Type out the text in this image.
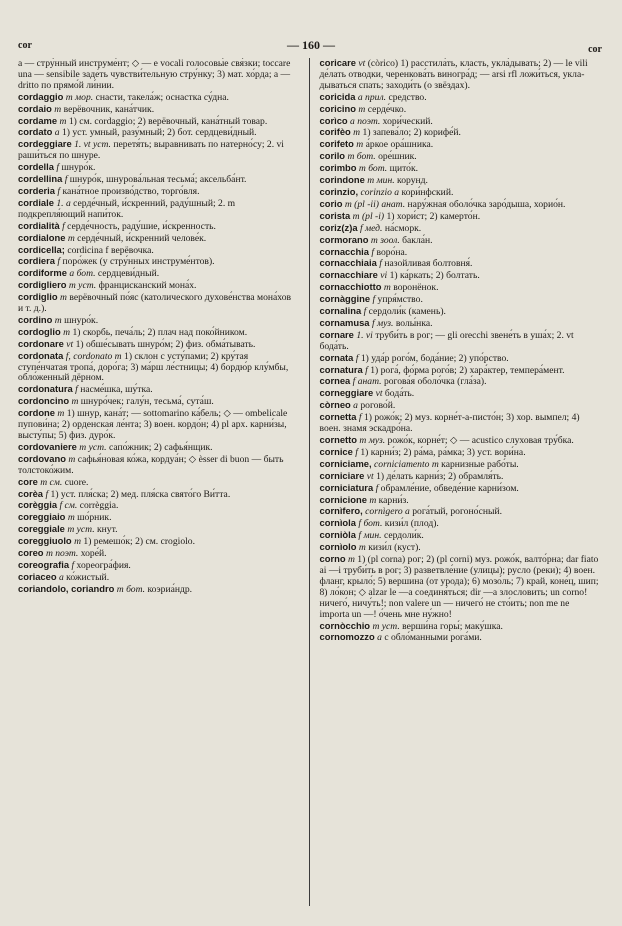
cor	— 160 —	cor

а — стру́нный инструме́нт; ◇ — e vocali голосовы́е свя́зки; toccare una — sensibile заде́ть чувстви́тельную стру́нку; 3) мат. хо́рда; a — dritto по прямо́й ли́нии.

cordaggio m мор. снасти, такела́ж; оснастка су́дна.

cordaio m верёвочник, кана́тчик.

cordame m 1) см. cordaggio; 2) верёвочный, кана́тный товар.

cordato a 1) уст. умный, разу́мный; 2) бот. сердцеви́дный.

cordeggiare 1. vt уст. перетя́ть; выравнивать по натерно́су; 2. vi раши́ться по шнуре.

cordella f шнуро́к.

cordellina f шнуро́к, шнурова́льная тесьма́; аксельба́нт.

corderia f кана́тное произво́дство, торго́вля.

cordiale 1. a серде́чный, и́скренний, раду́шный; 2. m подкрепля́ющий напи́ток.

cordialità f серде́чность, раду́шие, и́скренность.

cordialone m серде́чный, и́скренний челове́к.

cordicella; cordicina f верёвочка.

cordiera f поро́жек (у стру́нных инструме́нтов).

cordiforme a бот. сердцеви́дный.

cordigliero m уст. францисканский мона́х.

cordiglio m верёвочный по́яс (католического духове́нства мона́хов и т. д.).

cordino m шнуро́к.

cordoglio m 1) скорбь, печа́ль; 2) плач над поко́йником.

cordonare vt 1) обше́сывать шнуро́м; 2) физ. обма́тывать.

cordonata f, cordonato m 1) склон с усту́пами; 2) кру́тая ступе́нчатая тропа́, доро́га; 3) ма́рш ле́стницы; 4) бордю́р клу́мбы, обло́женный дёрном.

cordonatura f насме́шка, шу́тка.

cordoncino m шнуро́чек; галу́н, тесьма́, сута́ш.

cordone m 1) шнур, кана́т; — sottomarino ка́бель; ◇ — ombelicale пупови́на; 2) орденская ле́нта; 3) воен. кордо́н; 4) pl арх. карни́зы, высту́пы; 5) физ. дуро́к.

cordovaniere m уст. сапо́жник; 2) сафья́нщик.

cordovano m сафья́новая ко́жа, кордуа́н; ◇ èsser di buon — быть толстоко́жим.

core m см. cuore.

corèa f 1) уст. пля́ска; 2) мед. пля́ска свято́го Ви́тта.

corèggia f см. corrèggia.

coreggiaio m шо́рник.

coreggiale m уст. кнут.

coreggiuolo m 1) ремешо́к; 2) см. crogiolo.

coreo m поэт. хоре́й.

coreografia f хореогра́фия.

coriaceo a ко́жистый.

coriandolo, coriandro m бот. коэриа́ндр.

coricare vt (còrico) 1) расстила́ть, класть, укла́дывать; 2) — le vili де́лать отводки, черенкова́ть виногра́д; — arsi rfl ложи́ться, укладываться спать; заходи́ть (о звёздах).

coricida a прил. средство.

coricino m серде́чко.

corìco a поэт. хори́ческий.

corifèo m 1) запева́ло; 2) корифе́й.

corifeto m а́ркое ора́шника.

corilo m бот. оре́шник.

corimbo m бот. щито́к.

corindone m мин. корунд.

corinzio, corinzio a кори́нфский.

corio m (pl -ii) анат. нару́жная оболо́чка заро́дыша, хорио́н.

corista m (pl -i) 1) хори́ст; 2) камерто́н.

coriz(z)a f мед. на́сморк.

cormorano m зоол. бакла́н.

cornacchia f воро́на.

cornacchiaia f назойливая болтовня́.

cornacchiare vi 1) ка́ркать; 2) болтать.

cornacchiotto m воронёнок.

cornàggine f упря́мство.

cornalina f сердоли́к (камень).

cornamusa f муз. волы́нка.

cornare 1. vi труби́ть в рог; — gli orecchi звене́ть в уша́х; 2. vt бода́ть.

cornata f 1) уда́р рого́м, бода́ние; 2) упо́рство.

cornatura f 1) рога́, фо́рма рого́в; 2) хара́ктер, темпера́мент.

cornea f анат. рогова́я оболо́чка (гла́за).

corneggiare vt бода́ть.

còrneo a рогово́й.

cornetta f 1) рожо́к; 2) муз. корне́т-а-писто́н; 3) хор. вымпел; 4) воен. знамя эскадро́на.

cornetto m муз. рожо́к, корне́т; ◇ — acustico слуховая тру́бка.

cornice f 1) карни́з; 2) ра́ма, ра́мка; 3) уст. вори́на.

corniciame, corniciamento m карнизные рабо́ты.

corniciare vt 1) де́лать карни́з; 2) обрамля́ть.

corniciatura f обрамле́ние, обведе́ние карни́зом.

cornicione m карни́з.

cornìfero, cornìgero a рога́тый, рогоно́сный.

cornìola f бот. кизи́л (плод).

corniòla f мин. сердоли́к.

cornìolo m кизи́л (куст).

corno m 1) (pl corna) рог; 2) (pl corni) муз. рожо́к, валто́рна; dar fiato ai —i труби́ть в рог; 3) разветвле́ние (улицы); русло (реки); 4) воен. фланг, крыло́; 5) вершина (от урода); 6) мозо́ль; 7) край, коне́ц, шип; 8) ло́кон; ◇ alzar le —a соединя́ться; dir —a злословить; un corno! ничего́, ничу́ть!; non valere un — ничего́ не сто́ить; non me ne importa un —! о́чень мне ну́жно!

cornòcchio m уст. верши́на горы́; маку́шка.

cornomozzo a с обло́манными рога́ми.
